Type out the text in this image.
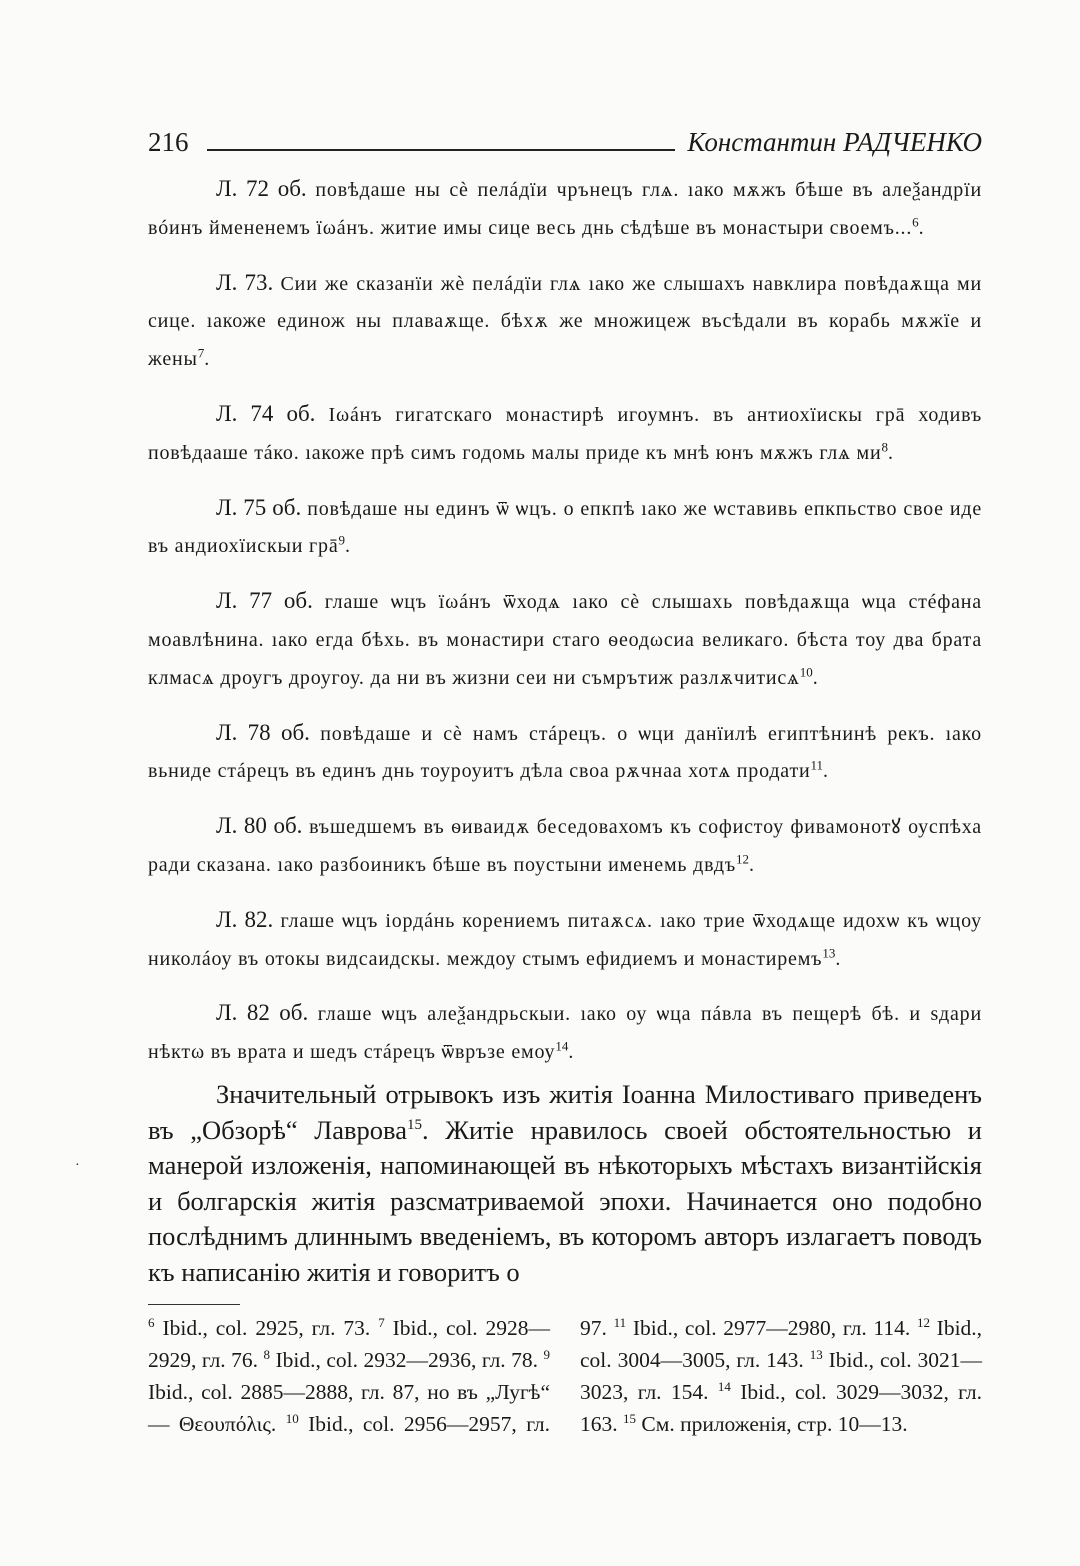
216	Константин РАДЧЕНКО
Л. 72 об. повѣдаше ны сѐ пелáдїи чрънецъ глѧ. ıако мѫжъ бѣше въ алеѯандрїи вóинъ ймененемъ ïωáнъ. житие имы сице весь днь сѣдѣше въ монастыри своемъ...$^6$.
Л. 73. Сии же сказанїи жѐ пелáдїи глѧ ıако же слышахъ навклира повѣдаѫща ми сице. ıакоже единож ны плаваѫще. бѣхѫ же множицеж въсѣдали въ корабь мѫжїе и жены$^7$.
Л. 74 об. Iωáнъ гигатскаго монастирѣ игоумнъ. въ антиохïискы грā ходивъ повѣдааше тáко. ıакоже прѣ симъ годомь малы приде къ мнѣ юнъ мѫжъ глѧ $ми^8$.
Л. 75 об. повѣдаше ны единъ ѿ ѡцъ. о епкпѣ ıако же ѡставивь епкпьство свое иде въ андиохïискыи грā$^9$.
Л. 77 об. глаше ѡцъ ïωáнъ ѿходѧ ıако сѐ слышахь повѣдаѫща ѡца стéфана моавлѣнина. ıако егда бѣхь. въ монастири стаго ѳеодωсиа великаго. бѣста тоу два брата клмасѧ дроугъ дроугоу. да ни въ жизни сеи ни съмрътиж разлѫчитисѧ$^{10}$.
Л. 78 об. повѣдаше и сѐ намъ стáрецъ. о ѡци данїилѣ египтѣнинѣ рекъ. ıако вьниде стáрецъ въ единъ днь тоуроуитъ дѣла своа рѫчнаа хотѧ продати$^{11}$.
Л. 80 об. въшедшемъ въ ѳиваидѫ беседовахомъ къ софистоу фивамонотꙋ оуспѣха ради сказана. ıако разбоиникъ бѣше въ поустыни именемь двдъ$^{12}$.
Л. 82. глаше ѡцъ iордáнь корениемъ питаѫсѧ. ıако трие ѿходѧще идохѡ къ ѡцоу николáоу въ отокы видсаидскы. междоу стымъ ефидиемъ и монастиремъ$^{13}$.
Л. 82 об. глаше ѡцъ алеѯандрьскыи. ıако оу ѡца пáвла въ пещерѣ бѣ. и ѕдари нѣктω въ врата и шедъ стáрецъ ѿвръзе емоу$^{14}$.
·
Значительный отрывокъ изъ житія Іоанна Милостиваго приведенъ въ „Обзорѣ“ Лаврова$^{15}$. Житіе нравилось своей обстоятельностью и манерой изложенія, напоминающей въ нѣкоторыхъ мѣстахъ византійскія и болгарскія житія разсматриваемой эпохи. Начинается оно подобно послѣднимъ длиннымъ введеніемъ, въ которомъ авторъ излагаетъ поводъ къ написанію житія и говоритъ о
$^6$ Ibid., col. 2925, гл. 73. $^7$ Ibid., col. 2928—2929, гл. 76. $^8$ Ibid., col. 2932—2936, гл. 78. $^9$ Ibid., col. 2885—2888, гл. 87, но въ „Лугѣ“ — Θεουπόλις. $^{10}$ Ibid., col. 2956—2957, гл. 97. $^{11}$ Ibid., col. 2977—2980, гл. 114. $^{12}$ Ibid., col. 3004—3005, гл. 143. $^{13}$ Ibid., col. 3021—3023, гл. 154. $^{14}$ Ibid., col. 3029—3032, гл. 163. $^{15}$ См. приложенія, стр. 10—13.
